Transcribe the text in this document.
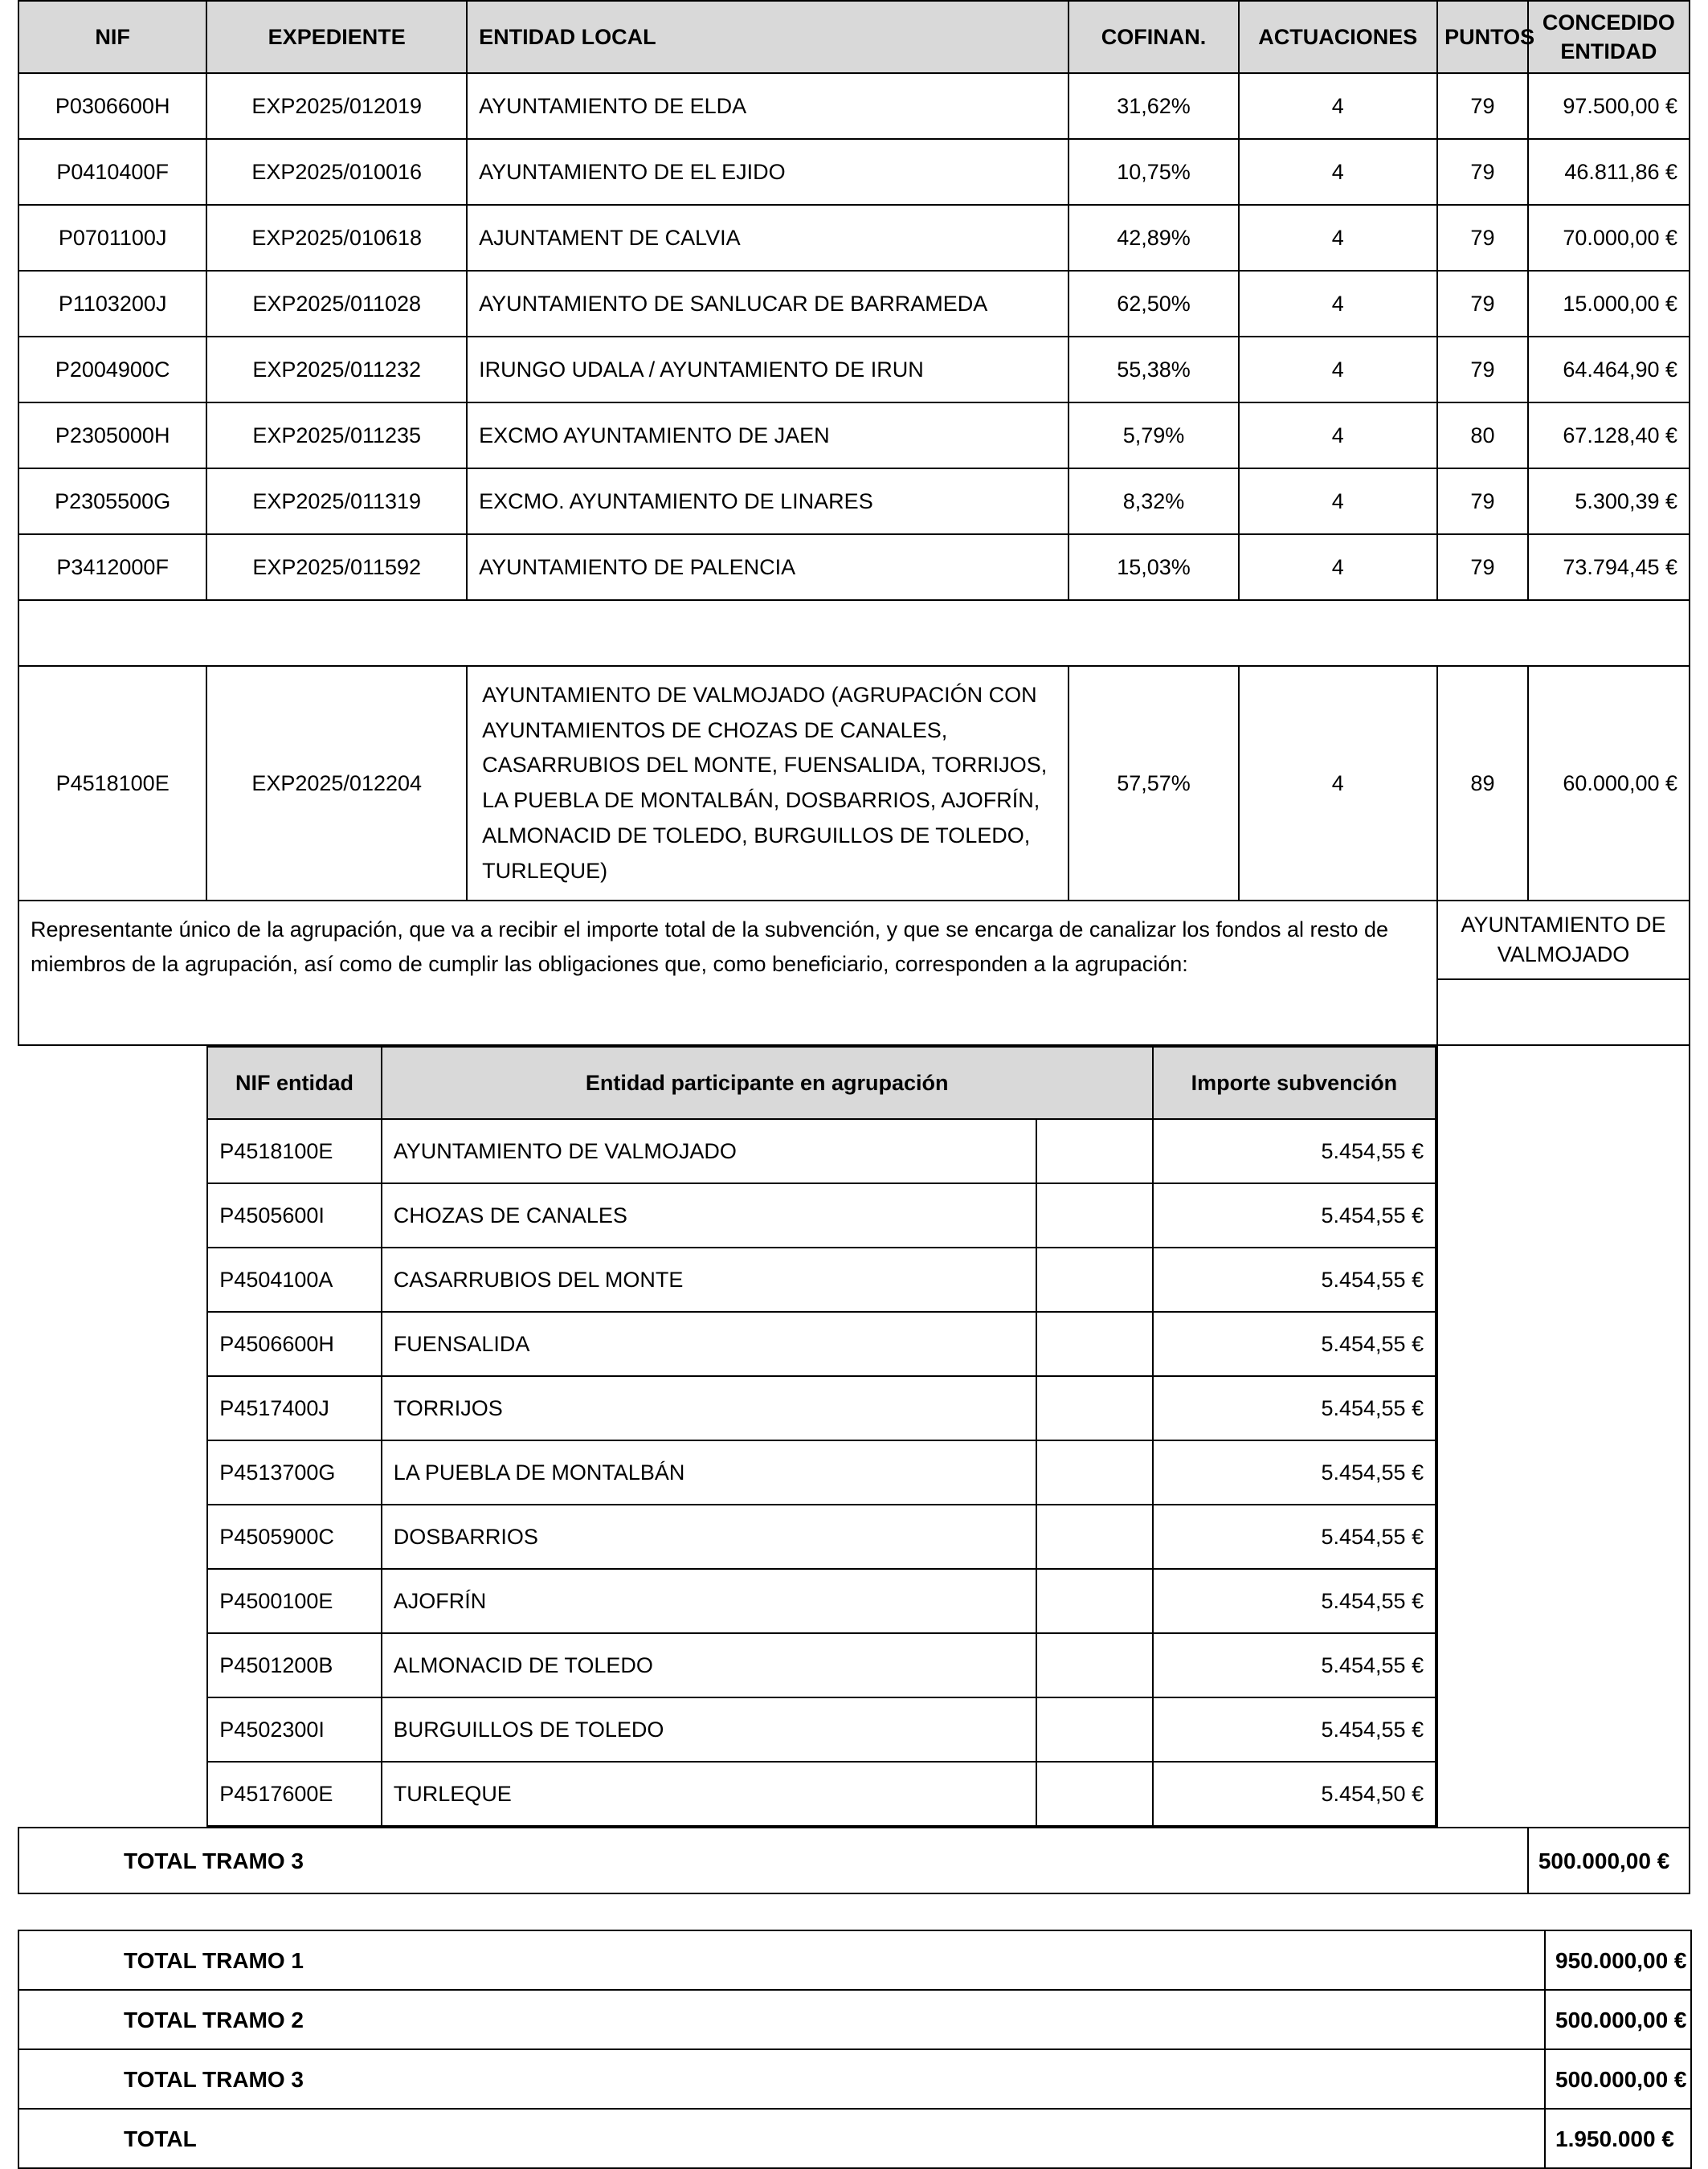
NIF	EXPEDIENTE	ENTIDAD LOCAL	COFINAN.	ACTUACIONES	PUNTOS	CONCEDIDO ENTIDAD
P0306600H	EXP2025/012019	AYUNTAMIENTO DE ELDA	31,62%	4	79	97.500,00 €
P0410400F	EXP2025/010016	AYUNTAMIENTO DE EL EJIDO	10,75%	4	79	46.811,86 €
P0701100J	EXP2025/010618	AJUNTAMENT DE CALVIA	42,89%	4	79	70.000,00 €
P1103200J	EXP2025/011028	AYUNTAMIENTO DE SANLUCAR DE BARRAMEDA	62,50%	4	79	15.000,00 €
P2004900C	EXP2025/011232	IRUNGO UDALA / AYUNTAMIENTO DE IRUN	55,38%	4	79	64.464,90 €
P2305000H	EXP2025/011235	EXCMO AYUNTAMIENTO DE JAEN	5,79%	4	80	67.128,40 €
P2305500G	EXP2025/011319	EXCMO. AYUNTAMIENTO DE LINARES	8,32%	4	79	5.300,39 €
P3412000F	EXP2025/011592	AYUNTAMIENTO DE PALENCIA	15,03%	4	79	73.794,45 €

P4518100E	EXP2025/012204	AYUNTAMIENTO DE VALMOJADO (AGRUPACIÓN CON AYUNTAMIENTOS DE CHOZAS DE CANALES, CASARRUBIOS DEL MONTE, FUENSALIDA, TORRIJOS, LA PUEBLA DE MONTALBÁN, DOSBARRIOS, AJOFRÍN, ALMONACID DE TOLEDO, BURGUILLOS DE TOLEDO, TURLEQUE)	57,57%	4	89	60.000,00 €
Representante único de la agrupación, que va a recibir el importe total de la subvención, y que se encarga de canalizar los fondos al resto de miembros de la agrupación, así como de cumplir las obligaciones que, como beneficiario, corresponden a la agrupación:	AYUNTAMIENTO DE VALMOJADO

NIF entidad	Entidad participante en agrupación	Importe subvención
P4518100E	AYUNTAMIENTO DE VALMOJADO		5.454,55 €
P4505600I	CHOZAS DE CANALES		5.454,55 €
P4504100A	CASARRUBIOS DEL MONTE		5.454,55 €
P4506600H	FUENSALIDA		5.454,55 €
P4517400J	TORRIJOS		5.454,55 €
P4513700G	LA PUEBLA DE MONTALBÁN		5.454,55 €
P4505900C	DOSBARRIOS		5.454,55 €
P4500100E	AJOFRÍN		5.454,55 €
P4501200B	ALMONACID DE TOLEDO		5.454,55 €
P4502300I	BURGUILLOS DE TOLEDO		5.454,55 €
P4517600E	TURLEQUE		5.454,50 €

TOTAL TRAMO 3	500.000,00 €
TOTAL TRAMO 1	950.000,00 €
TOTAL TRAMO 2	500.000,00 €
TOTAL TRAMO 3	500.000,00 €
TOTAL	1.950.000 €
